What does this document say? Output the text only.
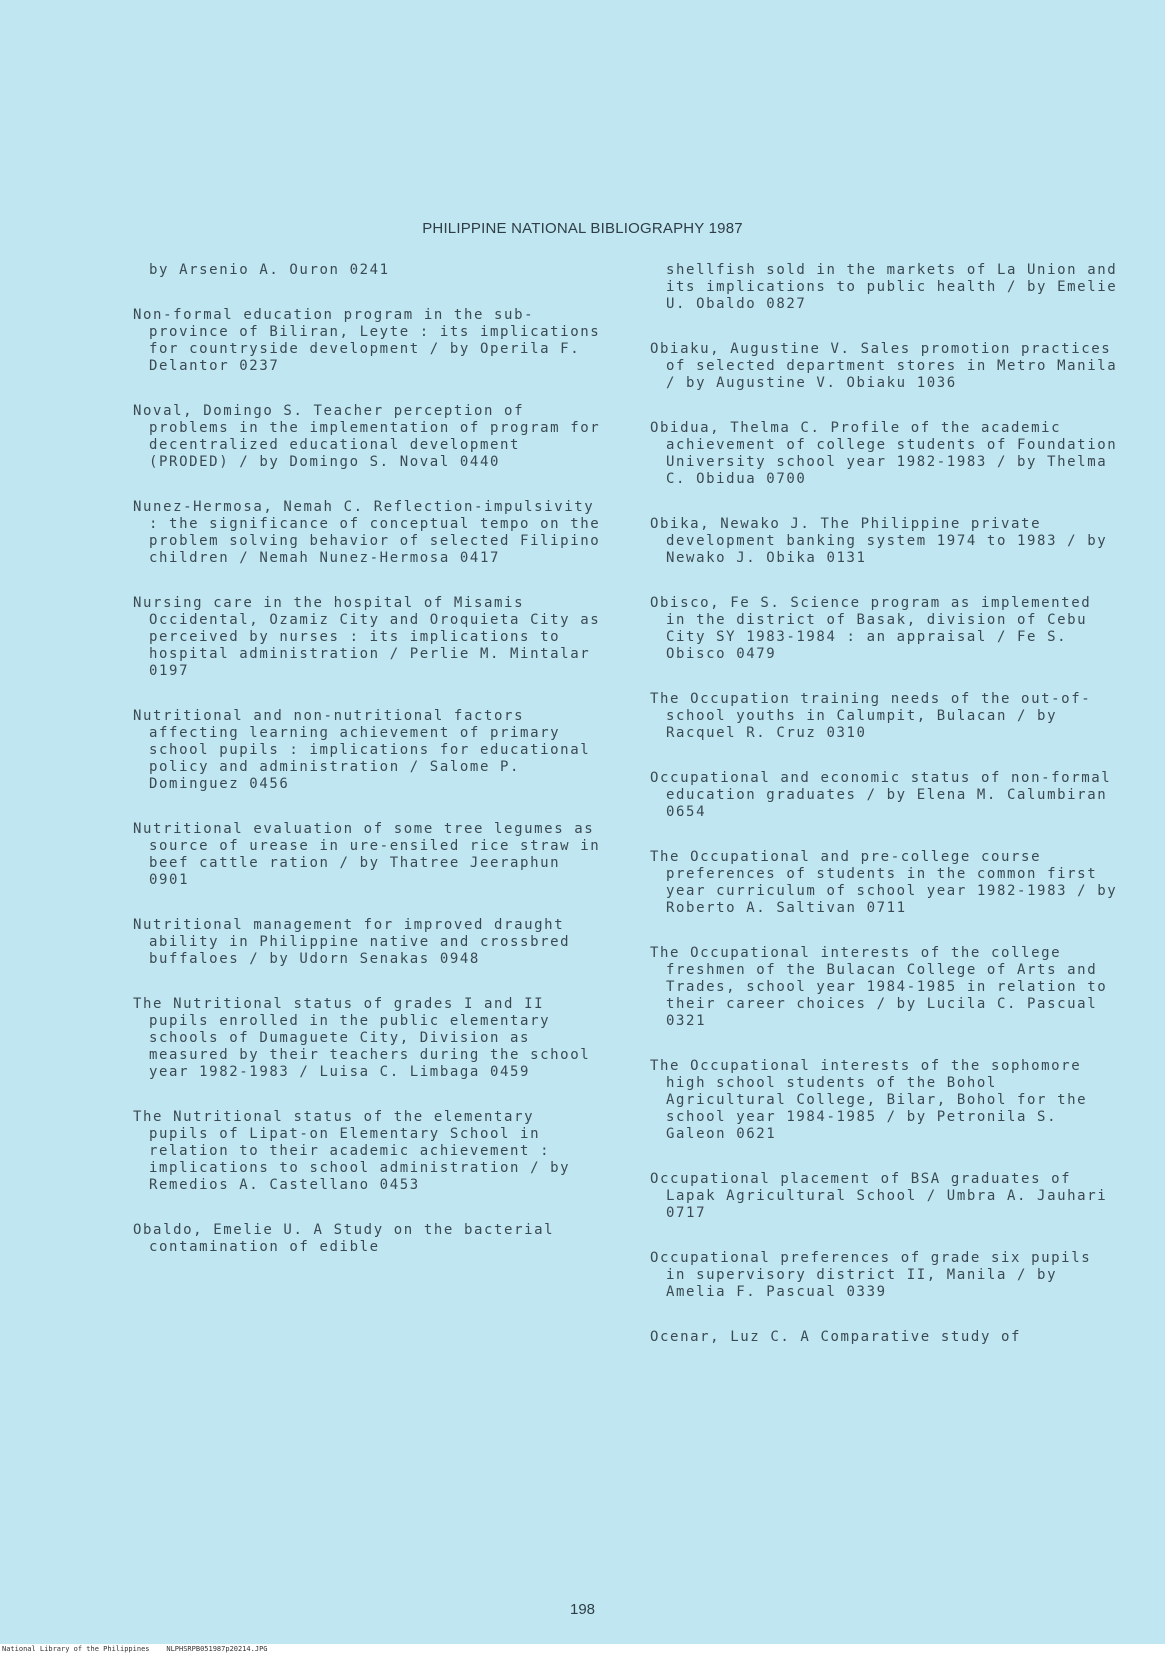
PHILIPPINE NATIONAL BIBLIOGRAPHY 1987

by Arsenio A. Ouron 0241

Non-formal education program in the sub-province of Biliran, Leyte : its implications for countryside development / by Operila F. Delantor 0237

Noval, Domingo S. Teacher perception of problems in the implementation of program for decentralized educational development (PRODED) / by Domingo S. Noval 0440

Nunez-Hermosa, Nemah C. Reflection-impulsivity : the significance of conceptual tempo on the problem solving behavior of selected Filipino children / Nemah Nunez-Hermosa 0417

Nursing care in the hospital of Misamis Occidental, Ozamiz City and Oroquieta City as perceived by nurses : its implications to hospital administration / Perlie M. Mintalar 0197

Nutritional and non-nutritional factors affecting learning achievement of primary school pupils : implications for educational policy and administration / Salome P. Dominguez 0456

Nutritional evaluation of some tree legumes as source of urease in ure-ensiled rice straw in beef cattle ration / by Thatree Jeeraphun 0901

Nutritional management for improved draught ability in Philippine native and crossbred buffaloes / by Udorn Senakas 0948

The Nutritional status of grades I and II pupils enrolled in the public elementary schools of Dumaguete City, Division as measured by their teachers during the school year 1982-1983 / Luisa C. Limbaga 0459

The Nutritional status of the elementary pupils of Lipat-on Elementary School in relation to their academic achievement : implications to school administration / by Remedios A. Castellano 0453

Obaldo, Emelie U. A Study on the bacterial contamination of edible

shellfish sold in the markets of La Union and its implications to public health / by Emelie U. Obaldo 0827

Obiaku, Augustine V. Sales promotion practices of selected department stores in Metro Manila / by Augustine V. Obiaku 1036

Obidua, Thelma C. Profile of the academic achievement of college students of Foundation University school year 1982-1983 / by Thelma C. Obidua 0700

Obika, Newako J. The Philippine private development banking system 1974 to 1983 / by Newako J. Obika 0131

Obisco, Fe S. Science program as implemented in the district of Basak, division of Cebu City SY 1983-1984 : an appraisal / Fe S. Obisco 0479

The Occupation training needs of the out-of-school youths in Calumpit, Bulacan / by Racquel R. Cruz 0310

Occupational and economic status of non-formal education graduates / by Elena M. Calumbiran 0654

The Occupational and pre-college course preferences of students in the common first year curriculum of school year 1982-1983 / by Roberto A. Saltivan 0711

The Occupational interests of the college freshmen of the Bulacan College of Arts and Trades, school year 1984-1985 in relation to their career choices / by Lucila C. Pascual 0321

The Occupational interests of the sophomore high school students of the Bohol Agricultural College, Bilar, Bohol for the school year 1984-1985 / by Petronila S. Galeon 0621

Occupational placement of BSA graduates of Lapak Agricultural School / Umbra A. Jauhari 0717

Occupational preferences of grade six pupils in supervisory district II, Manila / by Amelia F. Pascual 0339

Ocenar, Luz C. A Comparative study of

198
National Library of the Philippines    NLPHSRPB051987p20214.JPG
